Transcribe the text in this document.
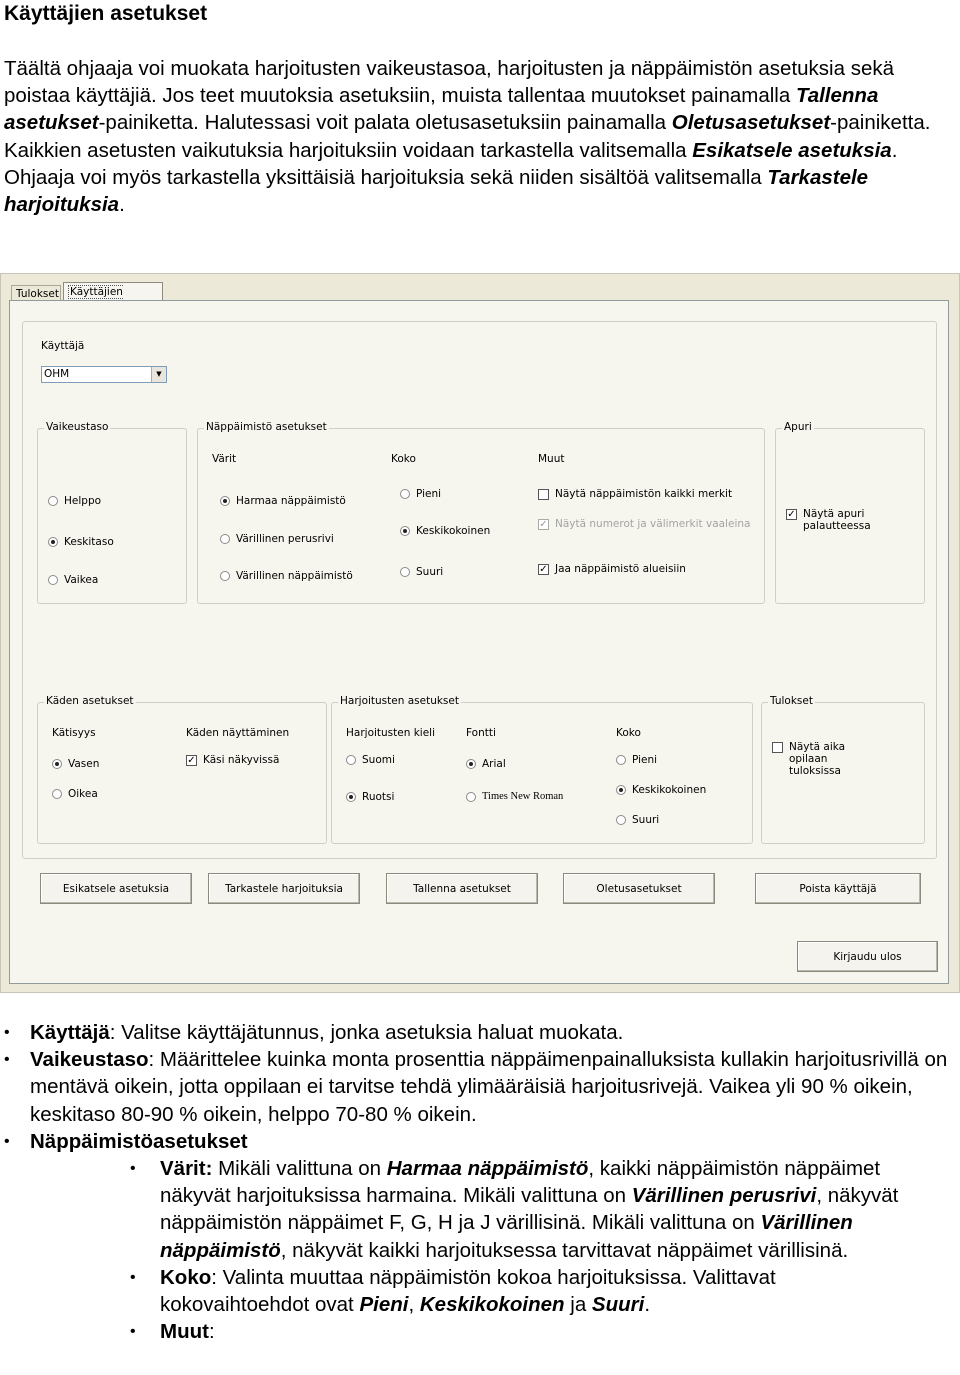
Käyttäjien asetukset

Täältä ohjaaja voi muokata harjoitusten vaikeustasoa, harjoitusten ja näppäimistön asetuksia sekä poistaa käyttäjiä. Jos teet muutoksia asetuksiin, muista tallentaa muutokset painamalla Tallenna asetukset-painiketta. Halutessasi voit palata oletusasetuksiin painamalla Oletusasetukset-painiketta. Kaikkien asetusten vaikutuksia harjoituksiin voidaan tarkastella valitsemalla Esikatsele asetuksia. Ohjaaja voi myös tarkastella yksittäisiä harjoituksia sekä niiden sisältöä valitsemalla Tarkastele harjoituksia.

Tulokset	Käyttäjien
Käyttäjä
OHM	▼
Vaikeustaso
Helppo
Keskitaso
Vaikea
Näppäimistö asetukset
Värit
Harmaa näppäimistö
Värillinen perusrivi
Värillinen näppäimistö
Koko
Pieni
Keskikokoinen
Suuri
Muut
Näytä näppäimistön kaikki merkit
✓ Näytä numerot ja välimerkit vaaleina
✓ Jaa näppäimistö alueisiin
Apuri
✓ Näytä apuri palautteessa
Käden asetukset
Kätisyys
Vasen
Oikea
Käden näyttäminen
✓ Käsi näkyvissä
Harjoitusten asetukset
Harjoitusten kieli
Suomi
Ruotsi
Fontti
Arial
Times New Roman
Koko
Pieni
Keskikokoinen
Suuri
Tulokset
Näytä aika opilaan tuloksissa
Esikatsele asetuksia	Tarkastele harjoituksia	Tallenna asetukset	Oletusasetukset	Poista käyttäjä
Kirjaudu ulos
• Käyttäjä: Valitse käyttäjätunnus, jonka asetuksia haluat muokata.
• Vaikeustaso: Määrittelee kuinka monta prosenttia näppäimenpainalluksista kullakin harjoitusrivillä on mentävä oikein, jotta oppilaan ei tarvitse tehdä ylimääräisiä harjoitusrivejä. Vaikea yli 90 % oikein, keskitaso 80-90 % oikein, helppo 70-80 % oikein.
• Näppäimistöasetukset
• Värit: Mikäli valittuna on Harmaa näppäimistö, kaikki näppäimistön näppäimet näkyvät harjoituksissa harmaina. Mikäli valittuna on Värillinen perusrivi, näkyvät näppäimistön näppäimet F, G, H ja J värillisinä. Mikäli valittuna on Värillinen näppäimistö, näkyvät kaikki harjoituksessa tarvittavat näppäimet värillisinä.
• Koko: Valinta muuttaa näppäimistön kokoa harjoituksissa. Valittavat kokovaihtoehdot ovat Pieni, Keskikokoinen ja Suuri.
• Muut:
